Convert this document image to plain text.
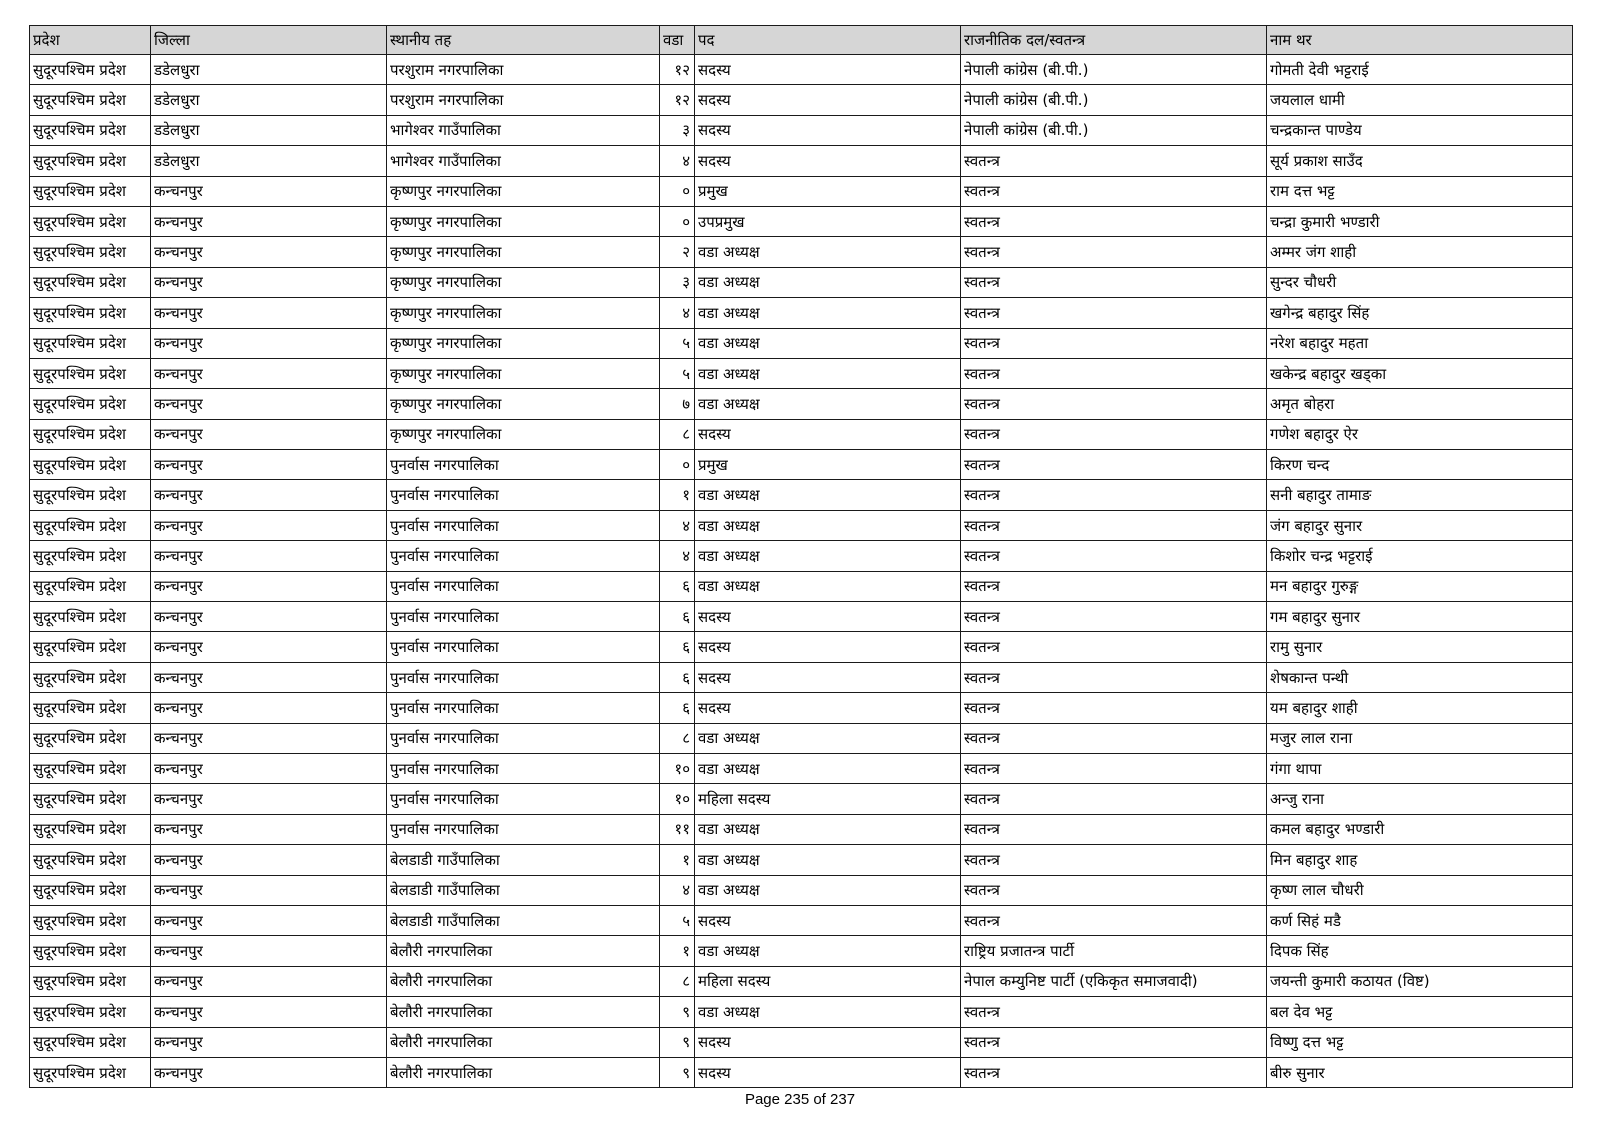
प्रदेश	जिल्ला	स्थानीय तह	वडा	पद	राजनीतिक दल/स्वतन्त्र	नाम थर
सुदूरपश्चिम प्रदेश	डडेलधुरा	परशुराम नगरपालिका	१२	सदस्य	नेपाली कांग्रेस (बी.पी.)	गोमती देवी भट्टराई
सुदूरपश्चिम प्रदेश	डडेलधुरा	परशुराम नगरपालिका	१२	सदस्य	नेपाली कांग्रेस (बी.पी.)	जयलाल धामी
सुदूरपश्चिम प्रदेश	डडेलधुरा	भागेश्वर गाउँपालिका	३	सदस्य	नेपाली कांग्रेस (बी.पी.)	चन्द्रकान्त पाण्डेय
सुदूरपश्चिम प्रदेश	डडेलधुरा	भागेश्वर गाउँपालिका	४	सदस्य	स्वतन्त्र	सूर्य प्रकाश साउँद
सुदूरपश्चिम प्रदेश	कन्चनपुर	कृष्णपुर नगरपालिका	०	प्रमुख	स्वतन्त्र	राम दत्त भट्ट
सुदूरपश्चिम प्रदेश	कन्चनपुर	कृष्णपुर नगरपालिका	०	उपप्रमुख	स्वतन्त्र	चन्द्रा कुमारी भण्डारी
सुदूरपश्चिम प्रदेश	कन्चनपुर	कृष्णपुर नगरपालिका	२	वडा अध्यक्ष	स्वतन्त्र	अम्मर जंग शाही
सुदूरपश्चिम प्रदेश	कन्चनपुर	कृष्णपुर नगरपालिका	३	वडा अध्यक्ष	स्वतन्त्र	सुन्दर चौधरी
सुदूरपश्चिम प्रदेश	कन्चनपुर	कृष्णपुर नगरपालिका	४	वडा अध्यक्ष	स्वतन्त्र	खगेन्द्र बहादुर सिंह
सुदूरपश्चिम प्रदेश	कन्चनपुर	कृष्णपुर नगरपालिका	५	वडा अध्यक्ष	स्वतन्त्र	नरेश बहादुर महता
सुदूरपश्चिम प्रदेश	कन्चनपुर	कृष्णपुर नगरपालिका	५	वडा अध्यक्ष	स्वतन्त्र	खकेन्द्र बहादुर खड्का
सुदूरपश्चिम प्रदेश	कन्चनपुर	कृष्णपुर नगरपालिका	७	वडा अध्यक्ष	स्वतन्त्र	अमृत बोहरा
सुदूरपश्चिम प्रदेश	कन्चनपुर	कृष्णपुर नगरपालिका	८	सदस्य	स्वतन्त्र	गणेश बहादुर ऐर
सुदूरपश्चिम प्रदेश	कन्चनपुर	पुनर्वास नगरपालिका	०	प्रमुख	स्वतन्त्र	किरण चन्द
सुदूरपश्चिम प्रदेश	कन्चनपुर	पुनर्वास नगरपालिका	१	वडा अध्यक्ष	स्वतन्त्र	सनी बहादुर तामाङ
सुदूरपश्चिम प्रदेश	कन्चनपुर	पुनर्वास नगरपालिका	४	वडा अध्यक्ष	स्वतन्त्र	जंग बहादुर सुनार
सुदूरपश्चिम प्रदेश	कन्चनपुर	पुनर्वास नगरपालिका	४	वडा अध्यक्ष	स्वतन्त्र	किशोर चन्द्र भट्टराई
सुदूरपश्चिम प्रदेश	कन्चनपुर	पुनर्वास नगरपालिका	६	वडा अध्यक्ष	स्वतन्त्र	मन बहादुर गुरुङ्ग
सुदूरपश्चिम प्रदेश	कन्चनपुर	पुनर्वास नगरपालिका	६	सदस्य	स्वतन्त्र	गम बहादुर सुनार
सुदूरपश्चिम प्रदेश	कन्चनपुर	पुनर्वास नगरपालिका	६	सदस्य	स्वतन्त्र	रामु सुनार
सुदूरपश्चिम प्रदेश	कन्चनपुर	पुनर्वास नगरपालिका	६	सदस्य	स्वतन्त्र	शेषकान्त पन्थी
सुदूरपश्चिम प्रदेश	कन्चनपुर	पुनर्वास नगरपालिका	६	सदस्य	स्वतन्त्र	यम बहादुर शाही
सुदूरपश्चिम प्रदेश	कन्चनपुर	पुनर्वास नगरपालिका	८	वडा अध्यक्ष	स्वतन्त्र	मजुर लाल राना
सुदूरपश्चिम प्रदेश	कन्चनपुर	पुनर्वास नगरपालिका	१०	वडा अध्यक्ष	स्वतन्त्र	गंगा थापा
सुदूरपश्चिम प्रदेश	कन्चनपुर	पुनर्वास नगरपालिका	१०	महिला सदस्य	स्वतन्त्र	अन्जु राना
सुदूरपश्चिम प्रदेश	कन्चनपुर	पुनर्वास नगरपालिका	११	वडा अध्यक्ष	स्वतन्त्र	कमल बहादुर भण्डारी
सुदूरपश्चिम प्रदेश	कन्चनपुर	बेलडाडी गाउँपालिका	१	वडा अध्यक्ष	स्वतन्त्र	मिन बहादुर शाह
सुदूरपश्चिम प्रदेश	कन्चनपुर	बेलडाडी गाउँपालिका	४	वडा अध्यक्ष	स्वतन्त्र	कृष्ण लाल चौधरी
सुदूरपश्चिम प्रदेश	कन्चनपुर	बेलडाडी गाउँपालिका	५	सदस्य	स्वतन्त्र	कर्ण सिहं मडै
सुदूरपश्चिम प्रदेश	कन्चनपुर	बेलौरी नगरपालिका	१	वडा अध्यक्ष	राष्ट्रिय प्रजातन्त्र पार्टी	दिपक सिंह
सुदूरपश्चिम प्रदेश	कन्चनपुर	बेलौरी नगरपालिका	८	महिला सदस्य	नेपाल कम्युनिष्ट पार्टी (एकिकृत समाजवादी)	जयन्ती कुमारी कठायत (विष्ट)
सुदूरपश्चिम प्रदेश	कन्चनपुर	बेलौरी नगरपालिका	९	वडा अध्यक्ष	स्वतन्त्र	बल देव भट्ट
सुदूरपश्चिम प्रदेश	कन्चनपुर	बेलौरी नगरपालिका	९	सदस्य	स्वतन्त्र	विष्णु दत्त भट्ट
सुदूरपश्चिम प्रदेश	कन्चनपुर	बेलौरी नगरपालिका	९	सदस्य	स्वतन्त्र	बीरु सुनार
Page 235 of 237
